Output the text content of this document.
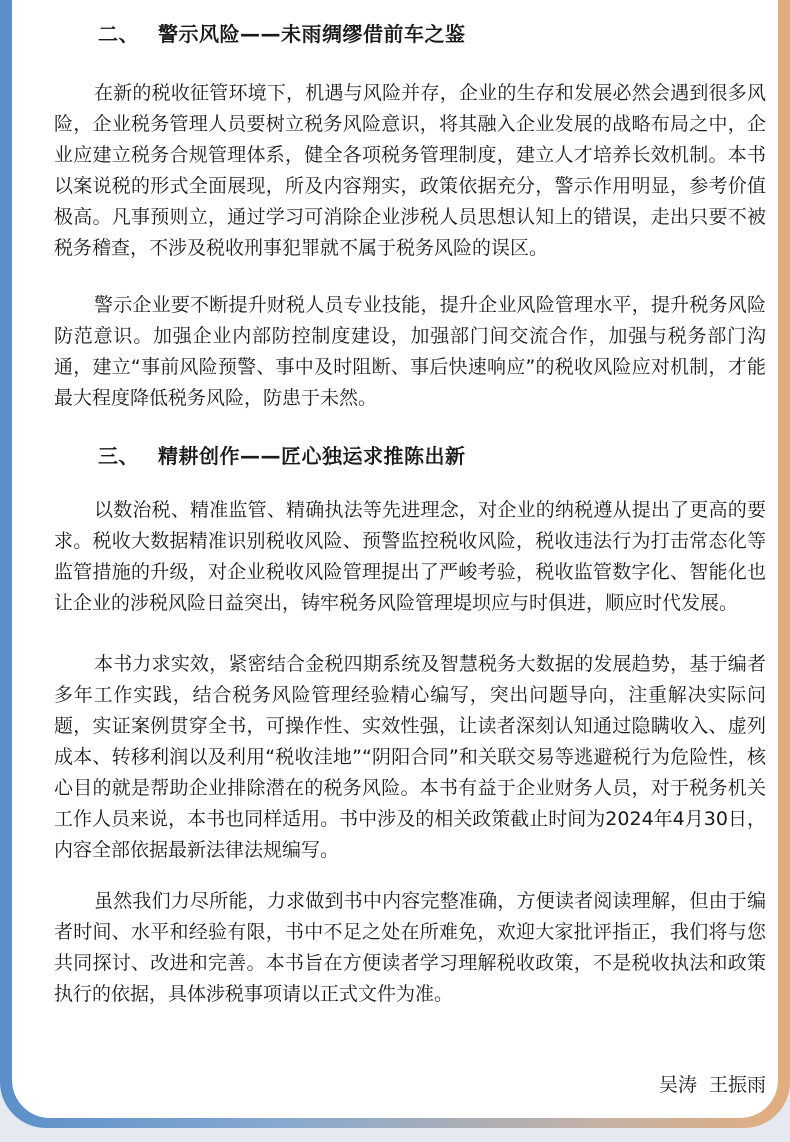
二、 警示风险——未雨绸缪借前车之鉴

在新的税收征管环境下，机遇与风险并存，企业的生存和发展必然会遇到很多风险，企业税务管理人员要树立税务风险意识，将其融入企业发展的战略布局之中，企业应建立税务合规管理体系，健全各项税务管理制度，建立人才培养长效机制。本书以案说税的形式全面展现，所及内容翔实，政策依据充分，警示作用明显，参考价值极高。凡事预则立，通过学习可消除企业涉税人员思想认知上的错误，走出只要不被税务稽查，不涉及税收刑事犯罪就不属于税务风险的误区。

警示企业要不断提升财税人员专业技能，提升企业风险管理水平，提升税务风险防范意识。加强企业内部防控制度建设，加强部门间交流合作，加强与税务部门沟通，建立“事前风险预警、事中及时阻断、事后快速响应”的税收风险应对机制，才能最大程度降低税务风险，防患于未然。

三、 精耕创作——匠心独运求推陈出新

以数治税、精准监管、精确执法等先进理念，对企业的纳税遵从提出了更高的要求。税收大数据精准识别税收风险、预警监控税收风险，税收违法行为打击常态化等监管措施的升级，对企业税收风险管理提出了严峻考验，税收监管数字化、智能化也让企业的涉税风险日益突出，铸牢税务风险管理堤坝应与时俱进，顺应时代发展。

本书力求实效，紧密结合金税四期系统及智慧税务大数据的发展趋势，基于编者多年工作实践，结合税务风险管理经验精心编写，突出问题导向，注重解决实际问题，实证案例贯穿全书，可操作性、实效性强，让读者深刻认知通过隐瞒收入、虚列成本、转移利润以及利用“税收洼地”“阴阳合同”和关联交易等逃避税行为危险性，核心目的就是帮助企业排除潜在的税务风险。本书有益于企业财务人员，对于税务机关工作人员来说，本书也同样适用。书中涉及的相关政策截止时间为2024年4月30日，内容全部依据最新法律法规编写。

虽然我们力尽所能，力求做到书中内容完整准确，方便读者阅读理解，但由于编者时间、水平和经验有限，书中不足之处在所难免，欢迎大家批评指正，我们将与您共同探讨、改进和完善。本书旨在方便读者学习理解税收政策，不是税收执法和政策执行的依据，具体涉税事项请以正式文件为准。

吴涛 王振雨
